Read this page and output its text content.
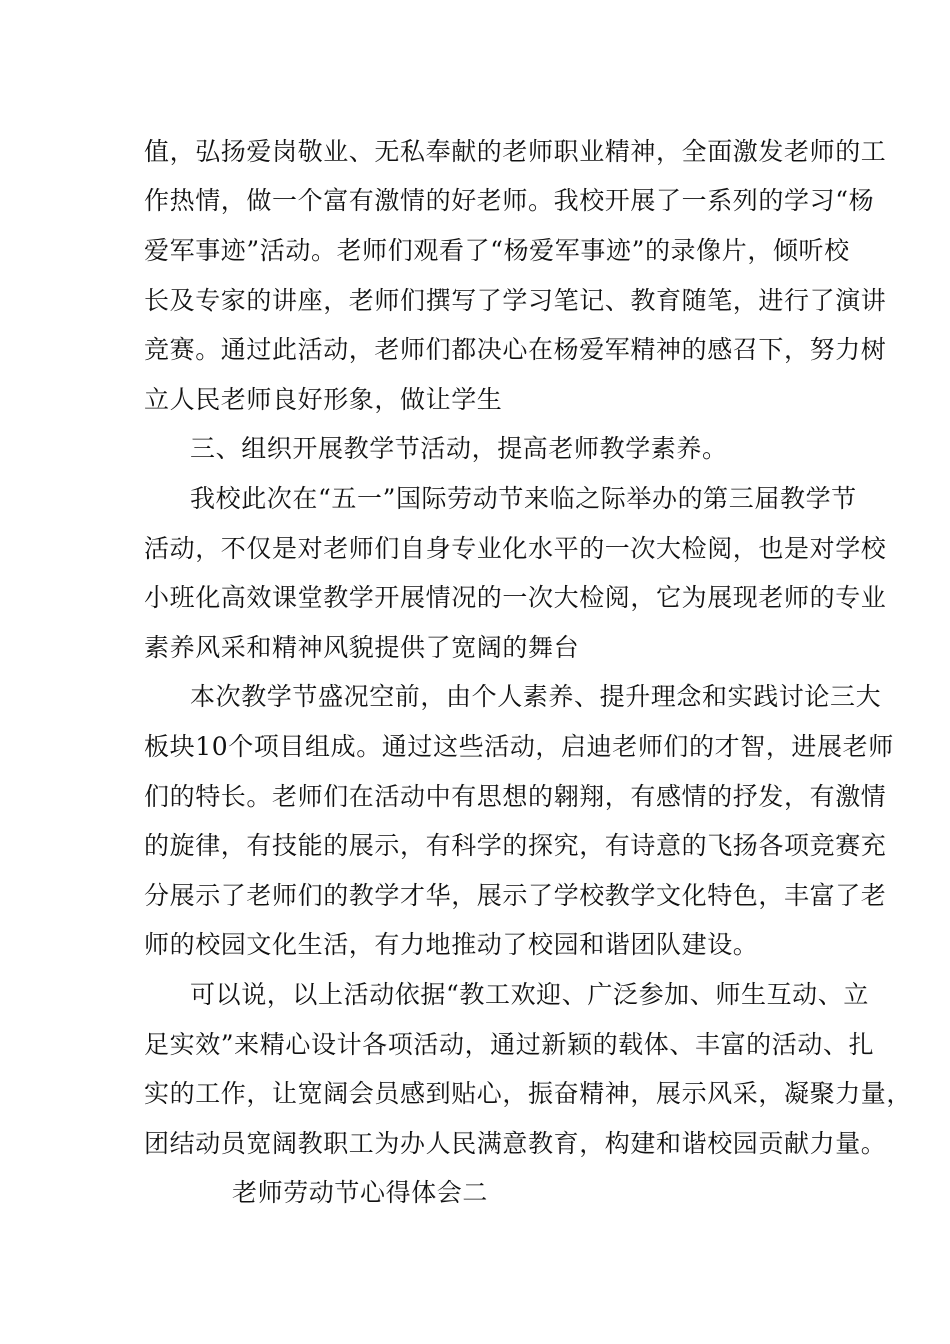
值，弘扬爱岗敬业、无私奉献的老师职业精神，全面激发老师的工
作热情，做一个富有激情的好老师。我校开展了一系列的学习“杨
爱军事迹”活动。老师们观看了“杨爱军事迹”的录像片，倾听校
长及专家的讲座，老师们撰写了学习笔记、教育随笔，进行了演讲
竞赛。通过此活动，老师们都决心在杨爱军精神的感召下，努力树
立人民老师良好形象，做让学生
三、组织开展教学节活动，提高老师教学素养。
我校此次在“五一”国际劳动节来临之际举办的第三届教学节
活动，不仅是对老师们自身专业化水平的一次大检阅，也是对学校
小班化高效课堂教学开展情况的一次大检阅，它为展现老师的专业
素养风采和精神风貌提供了宽阔的舞台
本次教学节盛况空前，由个人素养、提升理念和实践讨论三大
板块10个项目组成。通过这些活动，启迪老师们的才智，进展老师
们的特长。老师们在活动中有思想的翱翔，有感情的抒发，有激情
的旋律，有技能的展示，有科学的探究，有诗意的飞扬各项竞赛充
分展示了老师们的教学才华，展示了学校教学文化特色，丰富了老
师的校园文化生活，有力地推动了校园和谐团队建设。
可以说，以上活动依据“教工欢迎、广泛参加、师生互动、立
足实效”来精心设计各项活动，通过新颖的载体、丰富的活动、扎
实的工作，让宽阔会员感到贴心，振奋精神，展示风采，凝聚力量，
团结动员宽阔教职工为办人民满意教育，构建和谐校园贡献力量。
老师劳动节心得体会二
